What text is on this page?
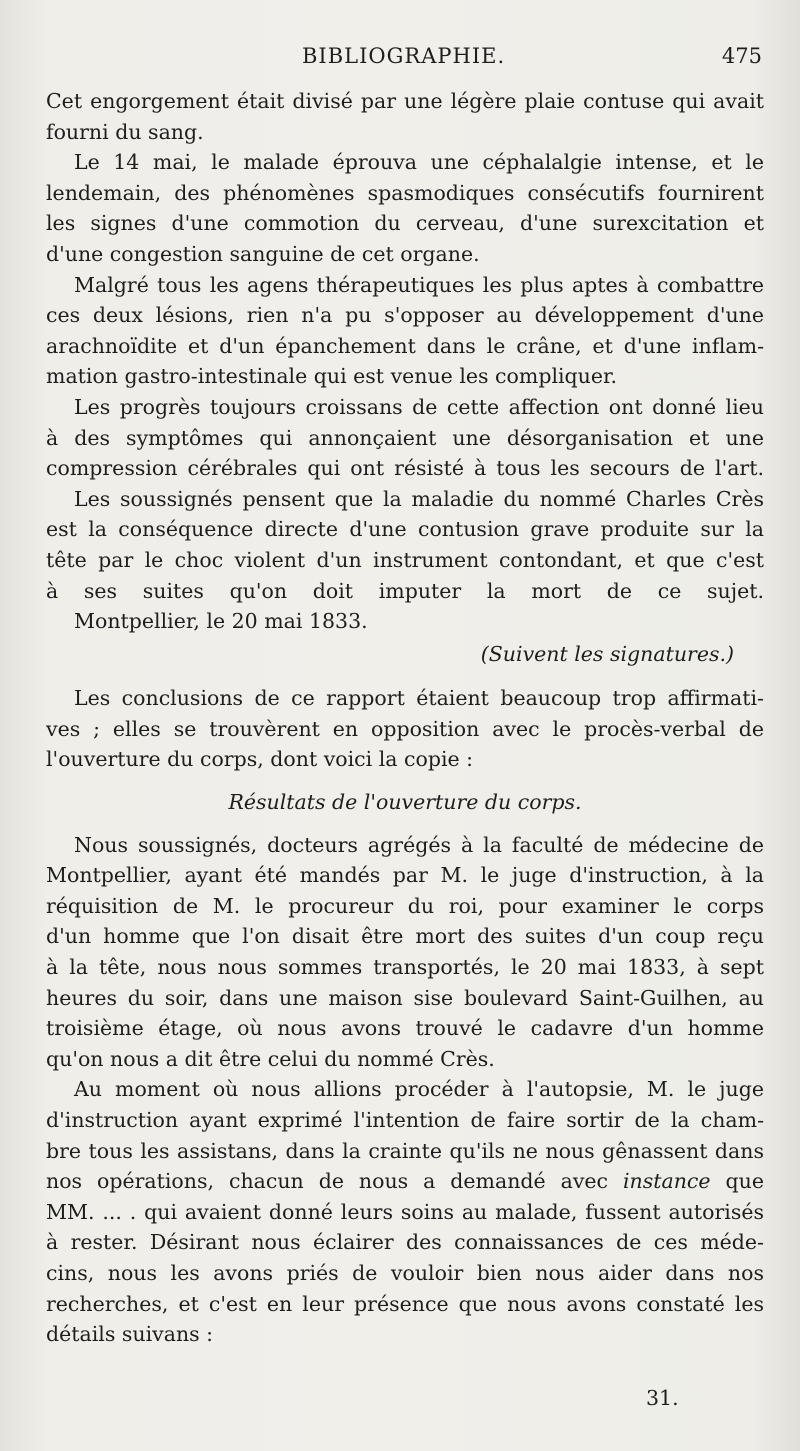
BIBLIOGRAPHIE.	475
Cet engorgement était divisé par une légère plaie contuse qui avait
fourni du sang.
Le 14 mai, le malade éprouva une céphalalgie intense, et le
lendemain, des phénomènes spasmodiques consécutifs fournirent
les signes d'une commotion du cerveau, d'une surexcitation et
d'une congestion sanguine de cet organe.
Malgré tous les agens thérapeutiques les plus aptes à combattre
ces deux lésions, rien n'a pu s'opposer au développement d'une
arachnoïdite et d'un épanchement dans le crâne, et d'une inflam-
mation gastro-intestinale qui est venue les compliquer.
Les progrès toujours croissans de cette affection ont donné lieu
à des symptômes qui annonçaient une désorganisation et une
compression cérébrales qui ont résisté à tous les secours de l'art.
Les soussignés pensent que la maladie du nommé Charles Crès
est la conséquence directe d'une contusion grave produite sur la
tête par le choc violent d'un instrument contondant, et que c'est
à ses suites qu'on doit imputer la mort de ce sujet.
Montpellier, le 20 mai 1833.
(Suivent les signatures.)
Les conclusions de ce rapport étaient beaucoup trop affirmati-
ves ; elles se trouvèrent en opposition avec le procès-verbal de
l'ouverture du corps, dont voici la copie :
Résultats de l'ouverture du corps.
Nous soussignés, docteurs agrégés à la faculté de médecine de
Montpellier, ayant été mandés par M. le juge d'instruction, à la
réquisition de M. le procureur du roi, pour examiner le corps
d'un homme que l'on disait être mort des suites d'un coup reçu
à la tête, nous nous sommes transportés, le 20 mai 1833, à sept
heures du soir, dans une maison sise boulevard Saint-Guilhen, au
troisième étage, où nous avons trouvé le cadavre d'un homme
qu'on nous a dit être celui du nommé Crès.
Au moment où nous allions procéder à l'autopsie, M. le juge
d'instruction ayant exprimé l'intention de faire sortir de la cham-
bre tous les assistans, dans la crainte qu'ils ne nous gênassent dans
nos opérations, chacun de nous a demandé avec instance que
MM. ... . qui avaient donné leurs soins au malade, fussent autorisés
à rester. Désirant nous éclairer des connaissances de ces méde-
cins, nous les avons priés de vouloir bien nous aider dans nos
recherches, et c'est en leur présence que nous avons constaté les
détails suivans :
31.
